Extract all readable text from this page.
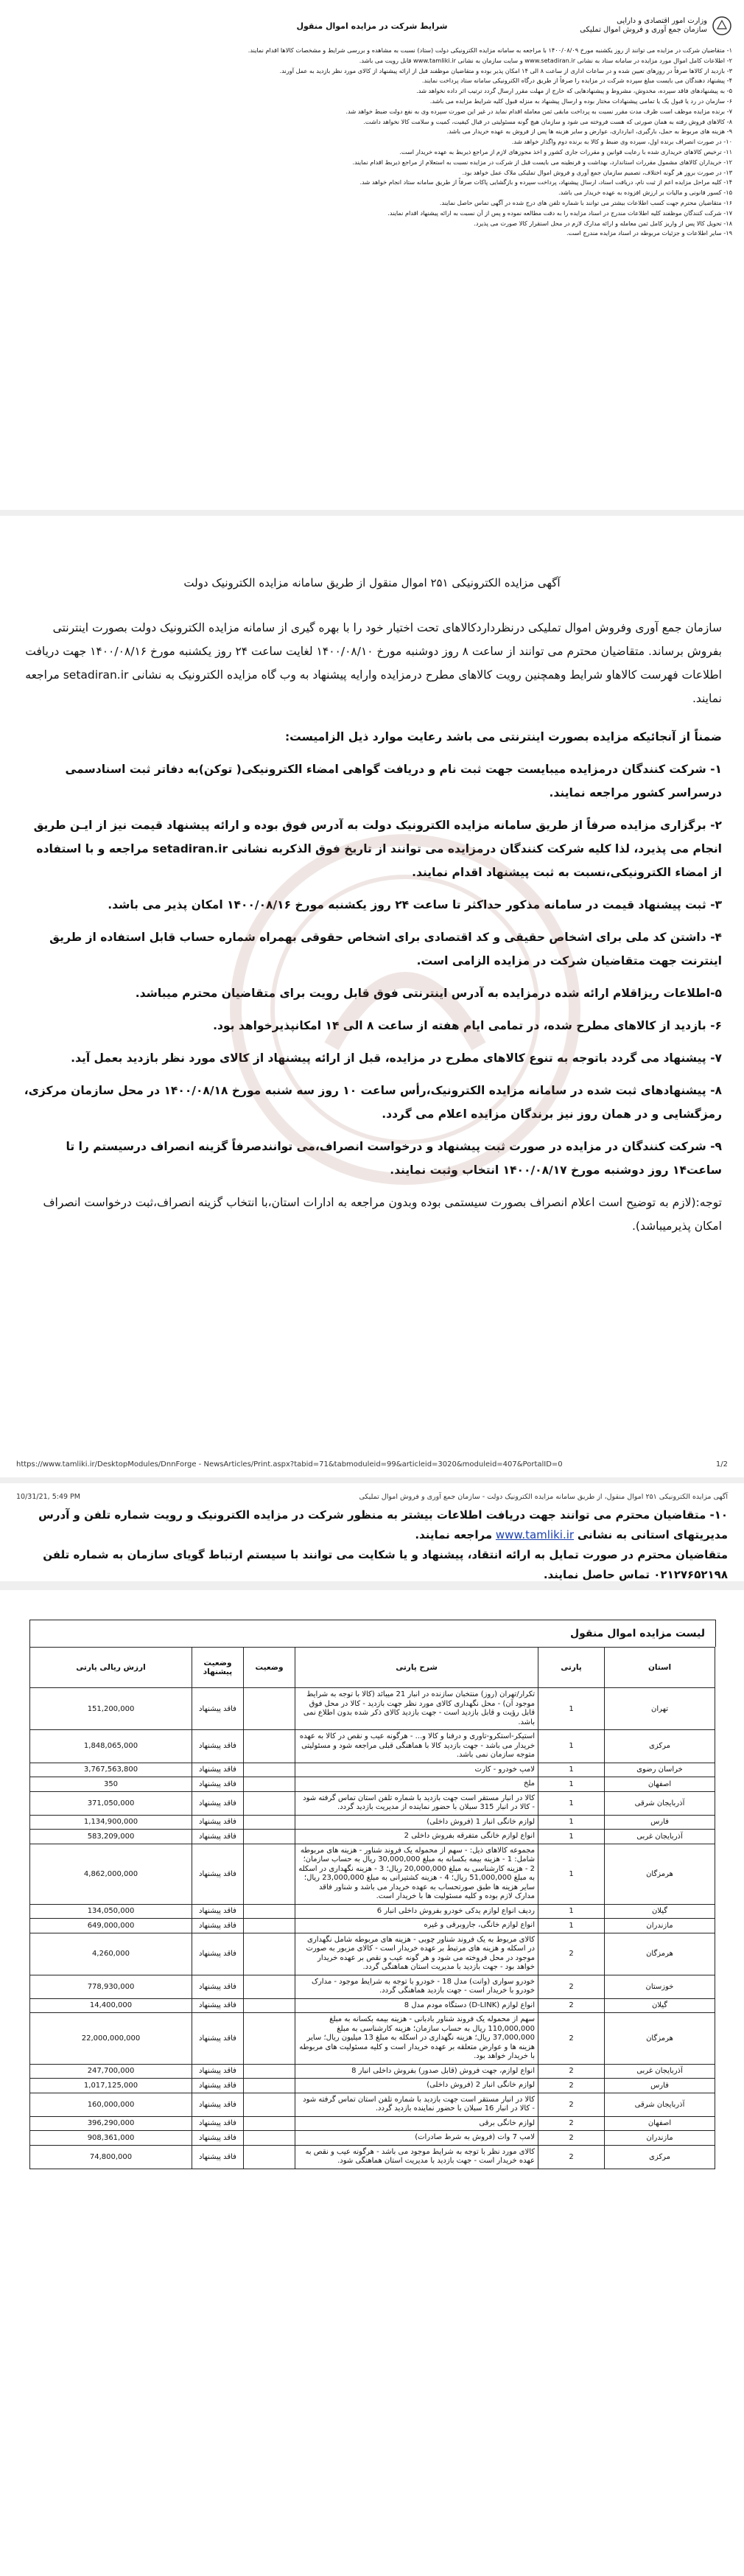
وزارت امور اقتصادی و دارایی
سازمان جمع آوری و فروش اموال تملیکی
شرایط شرکت در مزایده اموال منقول

۱- متقاضیان شرکت در مزایده می توانند از روز یکشنبه مورخ ۱۴۰۰/۰۸/۰۹ با مراجعه به سامانه مزایده الکترونیکی دولت (ستاد) نسبت به مشاهده و بررسی شرایط و مشخصات کالاها اقدام نمایند.

۲- اطلاعات کامل اموال مورد مزایده در سامانه ستاد به نشانی www.setadiran.ir و سایت سازمان به نشانی www.tamliki.ir قابل رویت می باشد.

۳- بازدید از کالاها صرفاً در روزهای تعیین شده و در ساعات اداری از ساعت ۸ الی ۱۴ امکان پذیر بوده و متقاضیان موظفند قبل از ارائه پیشنهاد از کالای مورد نظر بازدید به عمل آورند.

۴- پیشنهاد دهندگان می بایست مبلغ سپرده شرکت در مزایده را صرفاً از طریق درگاه الکترونیکی سامانه ستاد پرداخت نمایند.

۵- به پیشنهادهای فاقد سپرده، مخدوش، مشروط و پیشنهادهایی که خارج از مهلت مقرر ارسال گردد ترتیب اثر داده نخواهد شد.

۶- سازمان در رد یا قبول یک یا تمامی پیشنهادات مختار بوده و ارسال پیشنهاد به منزله قبول کلیه شرایط مزایده می باشد.

۷- برنده مزایده موظف است ظرف مدت مقرر نسبت به پرداخت مابقی ثمن معامله اقدام نماید در غیر این صورت سپرده وی به نفع دولت ضبط خواهد شد.

۸- کالاهای فروش رفته به همان صورتی که هست فروخته می شود و سازمان هیچ گونه مسئولیتی در قبال کیفیت، کمیت و سلامت کالا نخواهد داشت.

۹- هزینه های مربوط به حمل، بارگیری، انبارداری، عوارض و سایر هزینه ها پس از فروش به عهده خریدار می باشد.

۱۰- در صورت انصراف برنده اول، سپرده وی ضبط و کالا به برنده دوم واگذار خواهد شد.

۱۱- ترخیص کالاهای خریداری شده با رعایت قوانین و مقررات جاری کشور و اخذ مجوزهای لازم از مراجع ذیربط به عهده خریدار است.

۱۲- خریداران کالاهای مشمول مقررات استاندارد، بهداشت و قرنطینه می بایست قبل از شرکت در مزایده نسبت به استعلام از مراجع ذیربط اقدام نمایند.

۱۳- در صورت بروز هر گونه اختلاف، تصمیم سازمان جمع آوری و فروش اموال تملیکی ملاک عمل خواهد بود.

۱۴- کلیه مراحل مزایده اعم از ثبت نام، دریافت اسناد، ارسال پیشنهاد، پرداخت سپرده و بازگشایی پاکات صرفاً از طریق سامانه ستاد انجام خواهد شد.

۱۵- کسور قانونی و مالیات بر ارزش افزوده به عهده خریدار می باشد.

۱۶- متقاضیان محترم جهت کسب اطلاعات بیشتر می توانند با شماره تلفن های درج شده در آگهی تماس حاصل نمایند.

۱۷- شرکت کنندگان موظفند کلیه اطلاعات مندرج در اسناد مزایده را به دقت مطالعه نموده و پس از آن نسبت به ارائه پیشنهاد اقدام نمایند.

۱۸- تحویل کالا پس از واریز کامل ثمن معامله و ارائه مدارک لازم در محل استقرار کالا صورت می پذیرد.

۱۹- سایر اطلاعات و جزئیات مربوطه در اسناد مزایده مندرج است.

آگهی مزایده الکترونیکی ۲۵۱ اموال منقول از طریق سامانه مزایده الکترونیک دولت

سازمان جمع آوری وفروش اموال تملیکی درنظرداردکالاهای تحت اختیار خود را با بهره گیری از سامانه مزایده الکترونیک دولت بصورت اینترنتی بفروش برساند. متقاضیان محترم می توانند از ساعت ۸ روز دوشنبه مورخ ۱۴۰۰/۰۸/۱۰ لغایت ساعت ۲۴ روز یکشنبه مورخ ۱۴۰۰/۰۸/۱۶ جهت دریافت اطلاعات فهرست کالاهاو شرایط وهمچنین رویت کالاهای مطرح درمزایده وارایه پیشنهاد به وب گاه مزایده الکترونیک به نشانی setadiran.ir مراجعه نمایند.

ضمناً از آنجائیکه مزایده بصورت اینترنتی می باشد رعایت موارد ذیل الزامیست:

۱- شرکت کنندگان درمزایده میبایست جهت ثبت نام و دریافت گواهی امضاء الکترونیکی( توکن)به دفاتر ثبت اسنادسمی درسراسر کشور مراجعه نمایند.

۲- برگزاری مزایده صرفاً از طریق سامانه مزایده الکترونیک دولت به آدرس فوق بوده و ارائه پیشنهاد قیمت نیز از ایـن طریق انجام می پذیرد، لذا کلیه شرکت کنندگان درمزایده می توانند از تاریخ فوق الذکربه نشانی setadiran.ir مراجعه و با استفاده از امضاء الکترونیکی،نسبت به ثبت پیشنهاد اقدام نمایند.

۳- ثبت پیشنهاد قیمت در سامانه مذکور حداکثر تا ساعت ۲۴ روز یکشنبه مورخ ۱۴۰۰/۰۸/۱۶ امکان پذیر می باشد.

۴- داشتن کد ملی برای اشخاص حقیقی و کد اقتصادی برای اشخاص حقوقی بهمراه شماره حساب قابل استفاده از طریق اینترنت جهت متقاضیان شرکت در مزایده الزامی است.

۵-اطلاعات ریزاقلام ارائه شده درمزایده به آدرس اینترنتی فوق قابل رویت برای متقاضیان محترم میباشد.

۶- بازدید از کالاهای مطرح شده، در تمامی ایام هفته از ساعت ۸ الی ۱۴ امکانپذیرخواهد بود.

۷- پیشنهاد می گردد باتوجه به تنوع کالاهای مطرح در مزایده، قبل از ارائه پیشنهاد از کالای مورد نظر بازدید بعمل آید.

۸- پیشنهادهای ثبت شده در سامانه مزایده الکترونیک،رأس ساعت ۱۰ روز سه شنبه مورخ ۱۴۰۰/۰۸/۱۸ در محل سازمان مرکزی، رمزگشایی و در همان روز نیز برندگان مزایده اعلام می گردد.

۹- شرکت کنندگان در مزایده در صورت ثبت پیشنهاد و درخواست انصراف،می توانندصرفاً گزینه انصراف درسیستم را تا ساعت۱۴ روز دوشنبه مورخ ۱۴۰۰/۰۸/۱۷ انتخاب وثبت نمایند.

توجه:(لازم به توضیح است اعلام انصراف بصورت سیستمی بوده وبدون مراجعه به ادارات استان،با انتخاب گزینه انصراف،ثبت درخواست انصراف امکان پذیرمیباشد).

https://www.tamliki.ir/DesktopModules/DnnForge - NewsArticles/Print.aspx?tabid=71&tabmoduleid=99&articleid=3020&moduleid=407&PortalID=0	1/2
10/31/21, 5:49 PM	آگهی مزایده الکترونیکی ۲۵۱ اموال منقول، از طریق سامانه مزایده الکترونیک دولت - سازمان جمع آوری و فروش اموال تملیکی

۱۰- متقاضیان محترم می توانند جهت دریافت اطلاعات بیشتر به منظور شرکت در مزایده الکترونیک و رویت شماره تلفن و آدرس مدیریتهای استانی به نشانی www.tamliki.ir مراجعه نمایند.

متقاضیان محترم در صورت تمایل به ارائه انتقاد، پیشنهاد و یا شکایت می توانند با سیستم ارتباط گویای سازمان به شماره تلفن ۰۲۱۲۷۶۵۲۱۹۸ تماس حاصل نمایند.

لیست مزایده اموال منقول
استان	پارتی	شرح پارتی	وضعیت	وضعیت پیشنهاد	ارزش ریالی پارتی
تهران	1	تکرار/تهران (روز) منتخبان سازنده در انبار 21 میبائد (کالا با توجه به شرایط موجود آن) - محل نگهداری کالای مورد نظر جهت بازدید - کالا در محل فوق قابل رؤیت و قابل بازدید است - جهت بازدید کالای ذکر شده بدون اطلاع نمی باشد.		فاقد پیشنهاد	151,200,000
مرکزی	1	استیکر-استکرو-تاوری و درفنا و کالا و... - هرگونه عیب و نقص در کالا به عهده خریدار می باشد - جهت بازدید کالا با هماهنگی قبلی مراجعه شود و مسئولیتی متوجه سازمان نمی باشد.		فاقد پیشنهاد	1,848,065,000
خراسان رضوی	1	لامپ خودرو - کارت		فاقد پیشنهاد	3,767,563,800
اصفهان	1	ملخ		فاقد پیشنهاد	350
آذربایجان شرقی	1	کالا در انبار مستقر است جهت بازدید با شماره تلفن استان تماس گرفته شود - کالا در انبار 315 سبلان با حضور نماینده از مدیریت بازدید گردد.		فاقد پیشنهاد	371,050,000
فارس	1	لوازم خانگی انبار 1 (فروش داخلی)		فاقد پیشنهاد	1,134,900,000
آذربایجان غربی	1	انواع لوازم خانگی متفرقه بفروش داخلی 2		فاقد پیشنهاد	583,209,000
هرمزگان	1	مجموعه کالاهای ذیل: - سهم از محموله یک فروند شناور - هزینه های مربوطه شامل: 1 - هزینه بیمه بکسانه به مبلغ 30,000,000 ریال به حساب سازمان؛ 2 - هزینه کارشناسی به مبلغ 20,000,000 ریال؛ 3 - هزینه نگهداری در اسکله به مبلغ 51,000,000 ریال؛ 4 - هزینه کشتیرانی به مبلغ 23,000,000 ریال؛ سایر هزینه ها طبق صورتحساب به عهده خریدار می باشد و شناور فاقد مدارک لازم بوده و کلیه مسئولیت ها با خریدار است.		فاقد پیشنهاد	4,862,000,000
گیلان	1	ردیف انواع لوازم یدکی خودرو بفروش داخلی انبار 6		فاقد پیشنهاد	134,050,000
مازندران	1	انواع لوازم خانگی، جاروبرقی و غیره		فاقد پیشنهاد	649,000,000
هرمزگان	2	کالای مربوط به یک فروند شناور چوبی - هزینه های مربوطه شامل نگهداری در اسکله و هزینه های مرتبط بر عهده خریدار است - کالای مزبور به صورت موجود در محل فروخته می شود و هر گونه عیب و نقص بر عهده خریدار خواهد بود - جهت بازدید با مدیریت استان هماهنگی گردد.		فاقد پیشنهاد	4,260,000
خوزستان	2	خودرو سواری (وانت) مدل 18 - خودرو با توجه به شرایط موجود - مدارک خودرو با خریدار است - جهت بازدید هماهنگی گردد.		فاقد پیشنهاد	778,930,000
گیلان	2	انواع لوازم (D-LINK) دستگاه مودم مدل 8		فاقد پیشنهاد	14,400,000
هرمزگان	2	سهم از محموله یک فروند شناور بادبانی - هزینه بیمه بکسانه به مبلغ 110,000,000 ریال به حساب سازمان؛ هزینه کارشناسی به مبلغ 37,000,000 ریال؛ هزینه نگهداری در اسکله به مبلغ 13 میلیون ریال؛ سایر هزینه ها و عوارض متعلقه بر عهده خریدار است و کلیه مسئولیت های مربوطه با خریدار خواهد بود.		فاقد پیشنهاد	22,000,000,000
آذربایجان غربی	2	انواع لوازم، جهت فروش (قابل صدور) بفروش داخلی انبار 8		فاقد پیشنهاد	247,700,000
فارس	2	لوازم خانگی انبار 2 (فروش داخلی)		فاقد پیشنهاد	1,017,125,000
آذربایجان شرقی	2	کالا در انبار مستقر است جهت بازدید با شماره تلفن استان تماس گرفته شود - کالا در انبار 16 سبلان با حضور نماینده بازدید گردد.		فاقد پیشنهاد	160,000,000
اصفهان	2	لوازم خانگی برقی		فاقد پیشنهاد	396,290,000
مازندران	2	لامپ 7 وات (فروش به شرط صادرات)		فاقد پیشنهاد	908,361,000
مرکزی	2	کالای مورد نظر با توجه به شرایط موجود می باشد - هرگونه عیب و نقص به عهده خریدار است - جهت بازدید با مدیریت استان هماهنگی شود.		فاقد پیشنهاد	74,800,000
